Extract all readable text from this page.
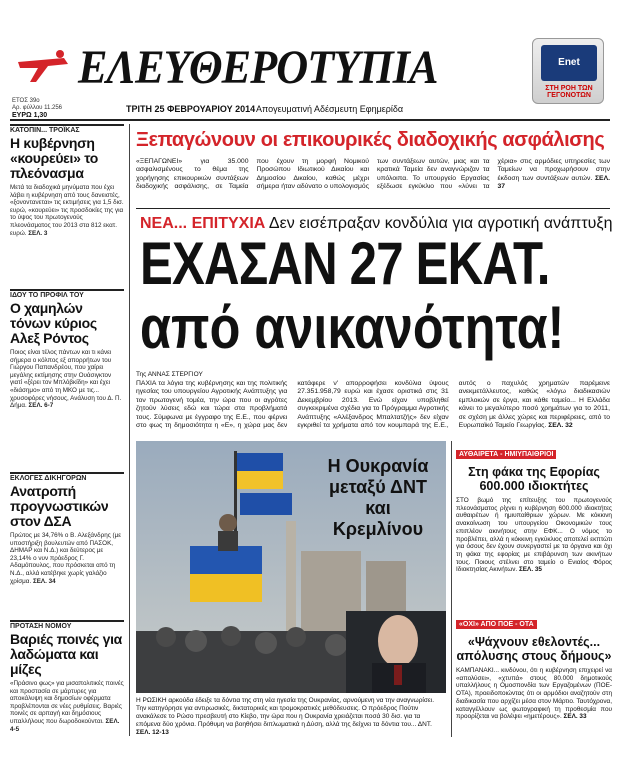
ΕΛΕΥΘΕΡΟΤΥΠΙΑ	Enet
ΣΤΗ ΡΟΗ ΤΩΝ ΓΕΓΟΝΟΤΩΝ
ΕΤΟΣ 39ο
Αρ. φύλλου 11.256
ΕΥΡΩ 1,30
ΤΡΙΤΗ 25 ΦΕΒΡΟΥΑΡΙΟΥ 2014 Απογευματινή Αδέσμευτη Εφημερίδα
ΚΑΤΟΠΙΝ... ΤΡΟΪΚΑΣ
Η κυβέρνηση «κουρεύει» το πλεόνασμα
Μετά τα διαδοχικά μηνύματα που έχει λάβει η κυβέρνηση από τους δανειστές, «ξονοντανεται» τις εκτιμήσεις για 1,5 δισ. ευρώ, «κουρεύει» τις προσδοκίες της για το ύψος του πρωτογενούς πλεονάσματος του 2013 στα 812 εκατ. ευρώ. ΣΕΛ. 3
ΙΔΟΥ ΤΟ ΠΡΟΦΙΛ ΤΟΥ
Ο χαμηλών τόνων κύριος Αλεξ Ρόντος
Ποιος είναι τέλος πάντων και τι κάνει σήμερα ο κόλπος εξ απορρήτων του Γιώργου Παπανδρέου, που χαίρει μεγάλης εκτίμησης στην Ουάσιγκτον γιατί «ξέρει τον Μπλόβκίδη» και έχει «διάσημο» από τη ΜΚΟ με τις... χρυσοφόρες νήσους, Ανάλυση του Δ. Π. Δήμα. ΣΕΛ. 6-7
ΕΚΛΟΓΕΣ ΔΙΚΗΓΟΡΩΝ
Ανατροπή προγνωστικών στον ΔΣΑ
Πρώτος με 34,76% ο Β. Αλεξάνδρης (με υποστήριξη βουλευτών από ΠΑΣΟΚ, ΔΗΜΑΡ και Ν.Δ.) και δεύτερος με 23,14% ο νυν πρόεδρος Γ. Αδαμόπουλος, που πρόσκεται από τη Ν.Δ., αλλά κατέβηκε χωρίς γαλάζιο χρίσμα. ΣΕΛ. 34
ΠΡΟΤΑΣΗ ΝΟΜΟΥ
Βαριές ποινές για λαδώματα και μίζες
«Πράσινο φως» για μισαπολιτικές ποινές και προστασία σε μάρτυρες για αποκάλυψη και δημοσίων οφέρματα προβλέπονται σε νέες ρυθμίσεις. Βαριές ποινές σε αρπαγή και δημόσιους υπαλλήλους που δωροδοκούνται. ΣΕΛ. 4-5
Ξεπαγώνουν οι επικουρικές διαδοχικής ασφάλισης
«ΞΕΠΑΓΩΝΕΙ» για 35.000 ασφαλισμένους το θέμα της χορήγησης επικουρικών συντάξεων διαδοχικής ασφάλισης, σε Ταμεία που έχουν τη μορφή Νομικού Προσώπου Ιδιωτικού Δικαίου και Δημοσίου Δικαίου, καθώς μέχρι σήμερα ήταν αδύνατο ο υπολογισμός των συντάξεων αυτών, μιας και τα κρατικά Ταμεία δεν αναγνώριζαν τα υπόλοιπα. Το υπουργείο Εργασίας εξέδωσε εγκύκλιο που «λύνει τα χέρια» στις αρμόδιες υπηρεσίες των Ταμείων να προχωρήσουν στην έκδοση των συντάξεων αυτών. ΣΕΛ. 37
ΝΕΑ... ΕΠΙΤΥΧΙΑ Δεν εισέπραξαν κονδύλια για αγροτική ανάπτυξη
ΕΧΑΣΑΝ 27 ΕΚΑΤ.
από ανικανότητα!
Της ΑΝΝΑΣ ΣΤΕΡΓΙΟΥ
ΠΑΧΙΑ τα λόγια της κυβέρνησης και της πολιτικής ηγεσίας του υπουργείου Αγροτικής Ανάπτυξης για τον πρωτογενή τομέα, την ώρα που οι αγρότες ζητούν λύσεις εδώ και τώρα στα προβλήματά τους. Σύμφωνα με έγγραφο της Ε.Ε., που φέρνει στο φως τη δημοσιότητα η «Ε», η χώρα μας δεν κατάφερε ν' απορροφήσει κονδύλια ύψους 27.351.958,79 ευρώ και έχασε οριστικά στις 31 Δεκεμβρίου 2013. Ενώ είχαν υποβληθεί συγκεκριμένα σχέδια για το Πρόγραμμα Αγροτικής Ανάπτυξης «Αλέξανδρος Μπαλτατζής» δεν είχαν εγκριθεί τα χρήματα από τον κουμπαρά της Ε.Ε., αυτός ο παχυλός χρηματών παρέμεινε ανεκμετάλλευτος, καθώς «λόγω διαδικασιών εμπλοκών σε έργα, και κάθε ταμείο... Η Ελλάδα κάνει το μεγαλύτερο ποσό χρημάτων για το 2011, σε σχέση με άλλες χώρες και περιφέρειες, από το Ευρωπαϊκό Ταμείο Γεωργίας. ΣΕΛ. 32
Η Ουκρανία μεταξύ ΔΝΤ και Κρεμλίνου
Η ΡΩΣΙΚΗ αρκούδα έδειξε τα δόντια της στη νέα ηγεσία της Ουκρανίας, αρνούμενη να την αναγνωρίσει. Την κατηγόρησε για αντιρωσικές, δικτατορικές και τρομοκρατικές μεθόδευσεις. Ο πρόεδρος Πούτιν ανακάλεσε το Ρώσο πρεσβευτή στο Κίεβο, την ώρα που η Ουκρανία χρειάζεται ποσά 30 δισ. για τα επόμενα δύο χρόνια. Πρόθυμη να βοηθήσει διπλωματικά η Δύση, αλλά της δείχνει τα δόντια του... ΔΝΤ. ΣΕΛ. 12-13
ΑΥΘΑΙΡΕΤΑ - ΗΜΙΥΠΑΙΘΡΙΟΙ
Στη φάκα της Εφορίας 600.000 ιδιοκτήτες
ΣΤΟ βωμό της επίτευξης του πρωτογενούς πλεονάσματος ρίχνει η κυβέρνηση 600.000 ιδιοκτήτες αυθαιρέτων ή ημιυπαίθριων χώρων. Με κόκκινη ανακοίνωση του υπουργείου Οικονομικών τους επιπλέον ακινήτους στην ΕΦΚ... Ο νόμος το προβλέπει, αλλά η κόκκινη εγκύκλιος αποτελεί εκπτώτι για όσους δεν έχουν συνεργαστεί με τα όργανα και όχι τη φάκα της εφορίας με επιβάρυνση των ακινήτων τους. Ποιους στέλνει στο ταμείο ο Ενιαίος Φόρος Ιδιοκτησίας Ακινήτων. ΣΕΛ. 35
«ΟΧΙ» ΑΠΟ ΠΟΕ - ΟΤΑ
«Ψάχνουν εθελοντές... απόλυσης στους δήμους»
ΚΑΜΠΑΝΑΚΙ... κινδύνου, ότι η κυβέρνηση επιχειρεί να «απολύσει», «χτυπά» στους 80.000 δημοτικούς υπαλλήλους η Ομοσπονδία των Εργαζομένων (ΠΟΕ-ΟΤΑ), προειδοποιώντας ότι οι αρμόδιοι αναζητούν στη διαδικασία που αρχίζει μέσα στον Μάρτιο. Ταυτόχρονα, καταγγέλλουν ως φωτογραφική τη προθεσμία που προορίζεται να βολέψει «ημετέρους». ΣΕΛ. 33
